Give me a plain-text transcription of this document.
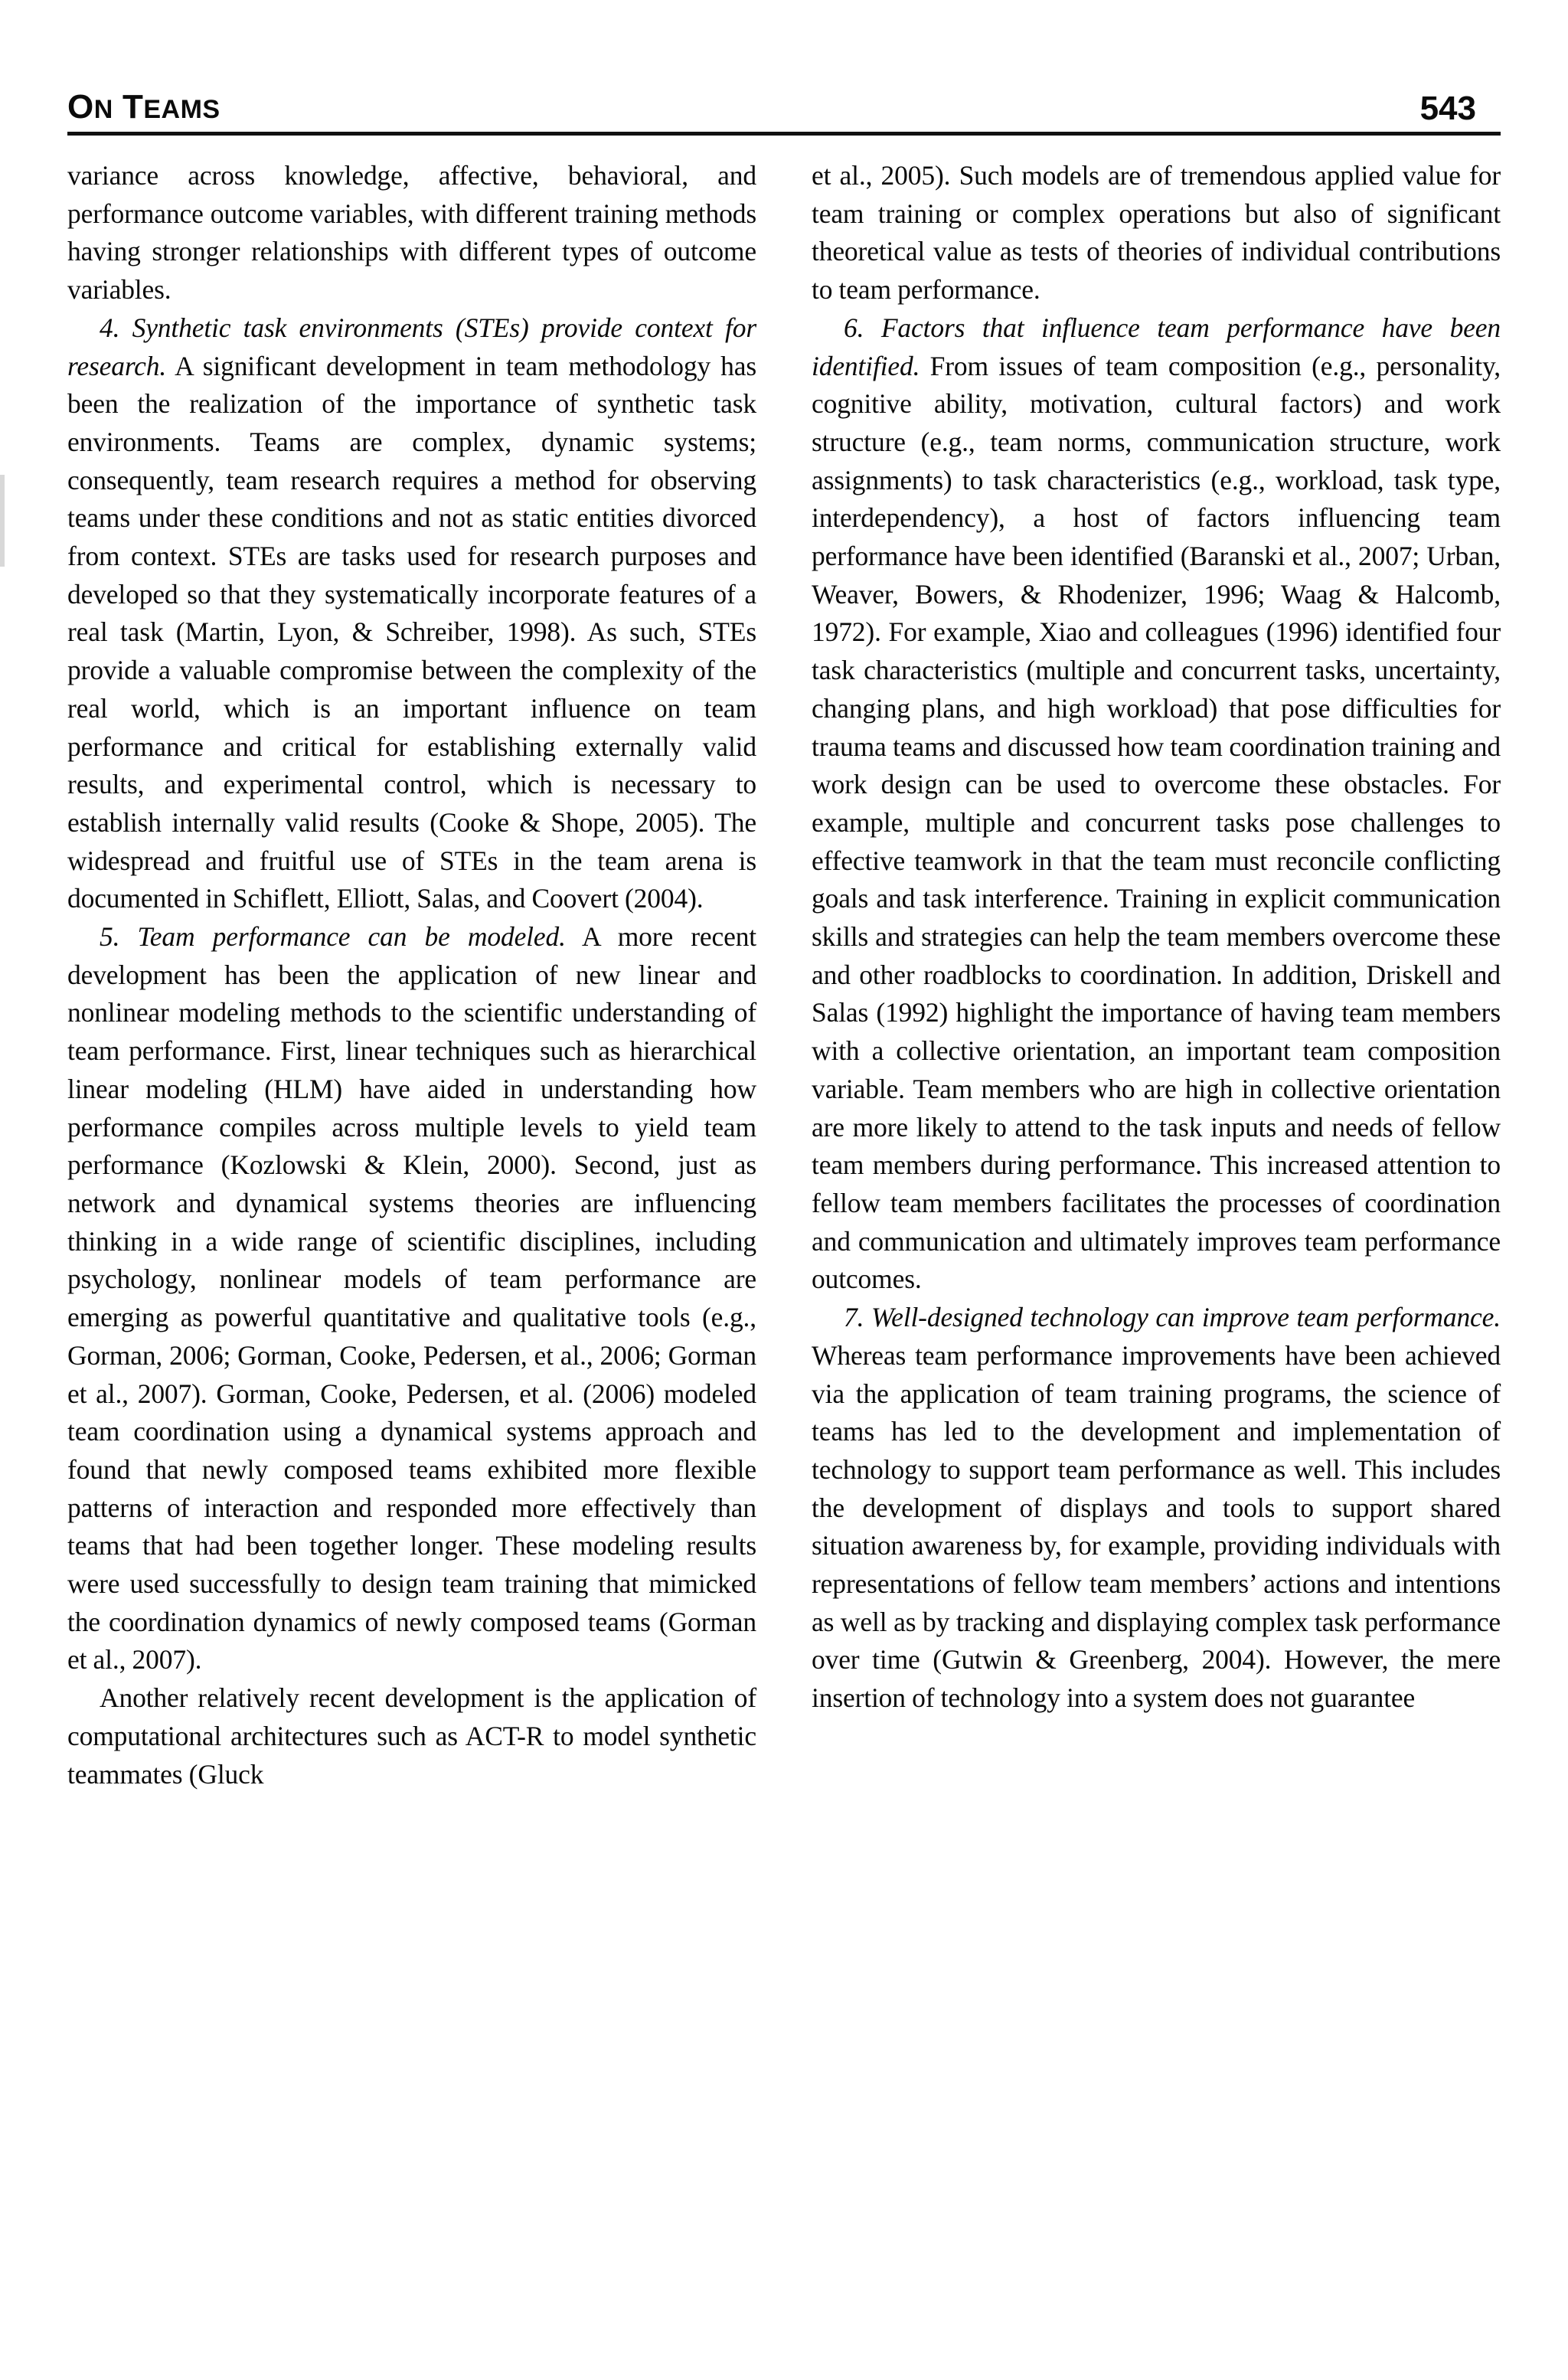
ON TEAMS	543

variance across knowledge, affective, behavioral, and performance outcome variables, with different training methods having stronger relationships with different types of outcome variables.

4. Synthetic task environments (STEs) provide context for research. A significant development in team methodology has been the realization of the importance of synthetic task environments. Teams are complex, dynamic systems; consequently, team research requires a method for observing teams under these conditions and not as static entities divorced from context. STEs are tasks used for research purposes and developed so that they systematically incorporate features of a real task (Martin, Lyon, & Schreiber, 1998). As such, STEs provide a valuable compromise between the complexity of the real world, which is an important influence on team performance and critical for establishing externally valid results, and experimental control, which is necessary to establish internally valid results (Cooke & Shope, 2005). The widespread and fruitful use of STEs in the team arena is documented in Schiflett, Elliott, Salas, and Coovert (2004).

5. Team performance can be modeled. A more recent development has been the application of new linear and nonlinear modeling methods to the scientific understanding of team performance. First, linear techniques such as hierarchical linear modeling (HLM) have aided in understanding how performance compiles across multiple levels to yield team performance (Kozlowski & Klein, 2000). Second, just as network and dynamical systems theories are influencing thinking in a wide range of scientific disciplines, including psychology, nonlinear models of team performance are emerging as powerful quantitative and qualitative tools (e.g., Gorman, 2006; Gorman, Cooke, Pedersen, et al., 2006; Gorman et al., 2007). Gorman, Cooke, Pedersen, et al. (2006) modeled team coordination using a dynamical systems approach and found that newly composed teams exhibited more flexible patterns of interaction and responded more effectively than teams that had been together longer. These modeling results were used successfully to design team training that mimicked the coordination dynamics of newly composed teams (Gorman et al., 2007).

Another relatively recent development is the application of computational architectures such as ACT-R to model synthetic teammates (Gluck

et al., 2005). Such models are of tremendous applied value for team training or complex operations but also of significant theoretical value as tests of theories of individual contributions to team performance.

6. Factors that influence team performance have been identified. From issues of team composition (e.g., personality, cognitive ability, motivation, cultural factors) and work structure (e.g., team norms, communication structure, work assignments) to task characteristics (e.g., workload, task type, interdependency), a host of factors influencing team performance have been identified (Baranski et al., 2007; Urban, Weaver, Bowers, & Rhodenizer, 1996; Waag & Halcomb, 1972). For example, Xiao and colleagues (1996) identified four task characteristics (multiple and concurrent tasks, uncertainty, changing plans, and high workload) that pose difficulties for trauma teams and discussed how team coordination training and work design can be used to overcome these obstacles. For example, multiple and concurrent tasks pose challenges to effective teamwork in that the team must reconcile conflicting goals and task interference. Training in explicit communication skills and strategies can help the team members overcome these and other roadblocks to coordination. In addition, Driskell and Salas (1992) highlight the importance of having team members with a collective orientation, an important team composition variable. Team members who are high in collective orientation are more likely to attend to the task inputs and needs of fellow team members during performance. This increased attention to fellow team members facilitates the processes of coordination and communication and ultimately improves team performance outcomes.

7. Well-designed technology can improve team performance. Whereas team performance improvements have been achieved via the application of team training programs, the science of teams has led to the development and implementation of technology to support team performance as well. This includes the development of displays and tools to support shared situation awareness by, for example, providing individuals with representations of fellow team members’ actions and intentions as well as by tracking and displaying complex task performance over time (Gutwin & Greenberg, 2004). However, the mere insertion of technology into a system does not guarantee
